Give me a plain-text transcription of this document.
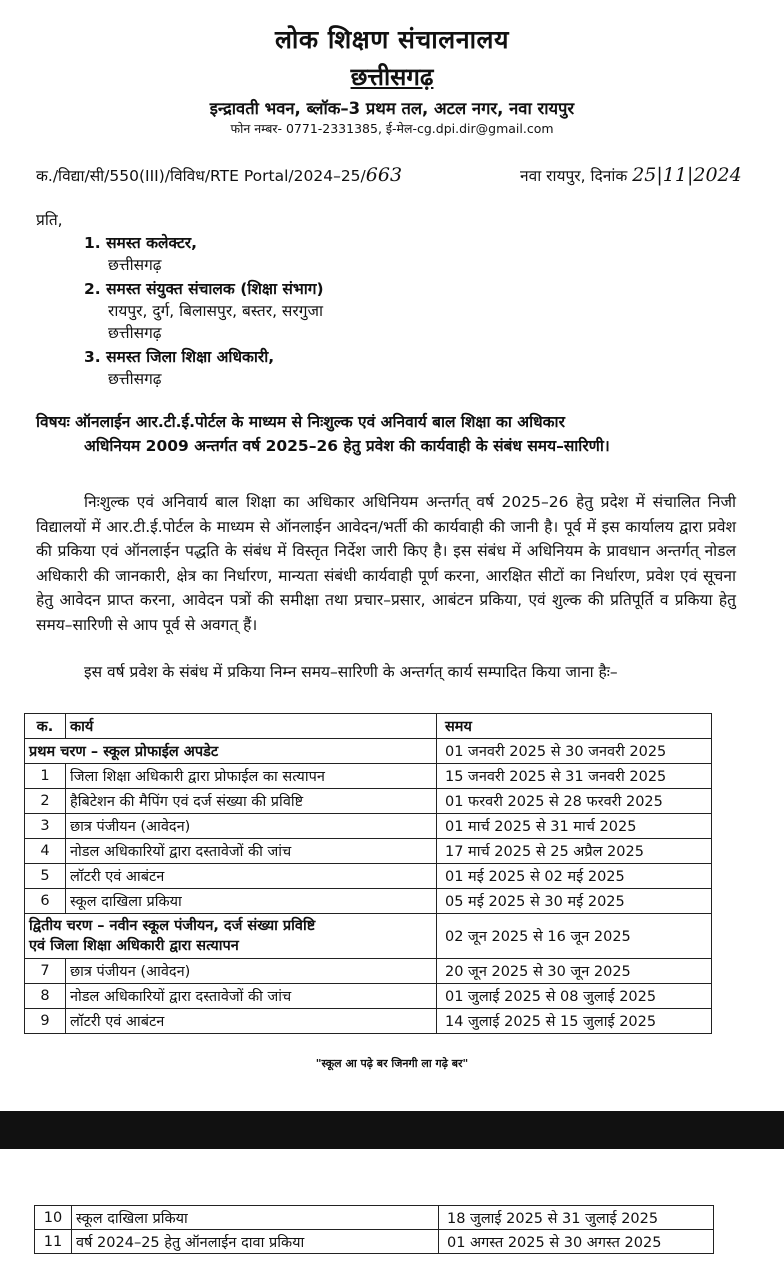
लोक शिक्षण संचालनालय
छत्तीसगढ़
इन्द्रावती भवन, ब्लॉक–3 प्रथम तल, अटल नगर, नवा रायपुर
फोन नम्बर- 0771-2331385, ई-मेल-cg.dpi.dir@gmail.com
क./विद्या/सी/550(III)/विविध/RTE Portal/2024–25/663	नवा रायपुर, दिनांक 25|11|2024
प्रति,
1. समस्त कलेक्टर,
छत्तीसगढ़
2. समस्त संयुक्त संचालक (शिक्षा संभाग)
रायपुर, दुर्ग, बिलासपुर, बस्तर, सरगुजा
छत्तीसगढ़
3. समस्त जिला शिक्षा अधिकारी,
छत्तीसगढ़
विषयः ऑनलाईन आर.टी.ई.पोर्टल के माध्यम से निःशुल्क एवं अनिवार्य बाल शिक्षा का अधिकार
अधिनियम 2009 अन्तर्गत वर्ष 2025–26 हेतु प्रवेश की कार्यवाही के संबंध समय–सारिणी।
निःशुल्क एवं अनिवार्य बाल शिक्षा का अधिकार अधिनियम अन्तर्गत् वर्ष 2025–26 हेतु प्रदेश में संचालित निजी विद्यालयों में आर.टी.ई.पोर्टल के माध्यम से ऑनलाईन आवेदन/भर्ती की कार्यवाही की जानी है। पूर्व में इस कार्यालय द्वारा प्रवेश की प्रकिया एवं ऑनलाईन पद्धति के संबंध में विस्तृत निर्देश जारी किए है। इस संबंध में अधिनियम के प्रावधान अन्तर्गत् नोडल अधिकारी की जानकारी, क्षेत्र का निर्धारण, मान्यता संबंधी कार्यवाही पूर्ण करना, आरक्षित सीटों का निर्धारण, प्रवेश एवं सूचना हेतु आवेदन प्राप्त करना, आवेदन पत्रों की समीक्षा तथा प्रचार–प्रसार, आबंटन प्रकिया, एवं शुल्क की प्रतिपूर्ति व प्रकिया हेतु समय–सारिणी से आप पूर्व से अवगत् हैं।
इस वर्ष प्रवेश के संबंध में प्रकिया निम्न समय–सारिणी के अन्तर्गत् कार्य सम्पादित किया जाना हैः–
क.	कार्य	समय
प्रथम चरण – स्कूल प्रोफाईल अपडेट		01 जनवरी 2025 से 30 जनवरी 2025
1	जिला शिक्षा अधिकारी द्वारा प्रोफाईल का सत्यापन	15 जनवरी 2025 से 31 जनवरी 2025
2	हैबिटेशन की मैपिंग एवं दर्ज संख्या की प्रविष्टि	01 फरवरी 2025 से 28 फरवरी 2025
3	छात्र पंजीयन (आवेदन)	01 मार्च 2025 से 31 मार्च 2025
4	नोडल अधिकारियों द्वारा दस्तावेजों की जांच	17 मार्च 2025 से 25 अप्रैल 2025
5	लॉटरी एवं आबंटन	01 मई 2025 से 02 मई 2025
6	स्कूल दाखिला प्रकिया	05 मई 2025 से 30 मई 2025

द्वितीय चरण – नवीन स्कूल पंजीयन, दर्ज संख्या प्रविष्टि
एवं जिला शिक्षा अधिकारी द्वारा सत्यापन		02 जून 2025 से 16 जून 2025
7	छात्र पंजीयन (आवेदन)	20 जून 2025 से 30 जून 2025
8	नोडल अधिकारियों द्वारा दस्तावेजों की जांच	01 जुलाई 2025 से 08 जुलाई 2025
9	लॉटरी एवं आबंटन	14 जुलाई 2025 से 15 जुलाई 2025
"स्कूल आ पढ़े बर जिनगी ला गढ़े बर"
10	स्कूल दाखिला प्रकिया	18 जुलाई 2025 से 31 जुलाई 2025
11	वर्ष 2024–25 हेतु ऑनलाईन दावा प्रकिया	01 अगस्त 2025 से 30 अगस्त 2025
